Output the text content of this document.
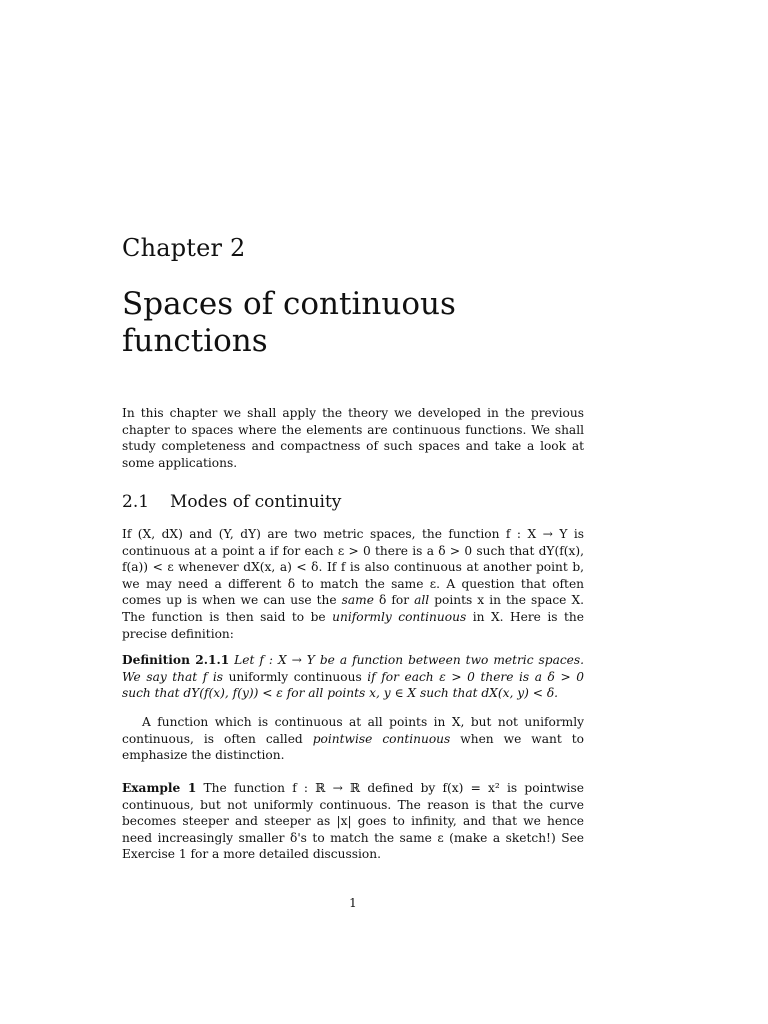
Chapter 2
Spaces of continuous
functions

In this chapter we shall apply the theory we developed in the previous chapter to spaces where the elements are continuous functions. We shall study completeness and compactness of such spaces and take a look at some applications.

2.1 Modes of continuity

If (X, dX) and (Y, dY) are two metric spaces, the function f : X → Y is continuous at a point a if for each ε > 0 there is a δ > 0 such that dY(f(x), f(a)) < ε whenever dX(x, a) < δ. If f is also continuous at another point b, we may need a different δ to match the same ε. A question that often comes up is when we can use the same δ for all points x in the space X. The function is then said to be uniformly continuous in X. Here is the precise definition:

Definition 2.1.1 Let f : X → Y be a function between two metric spaces. We say that f is uniformly continuous if for each ε > 0 there is a δ > 0 such that dY(f(x), f(y)) < ε for all points x, y ∈ X such that dX(x, y) < δ.

A function which is continuous at all points in X, but not uniformly continuous, is often called pointwise continuous when we want to emphasize the distinction.

Example 1 The function f : ℝ → ℝ defined by f(x) = x² is pointwise continuous, but not uniformly continuous. The reason is that the curve becomes steeper and steeper as |x| goes to infinity, and that we hence need increasingly smaller δ's to match the same ε (make a sketch!) See Exercise 1 for a more detailed discussion.

1
